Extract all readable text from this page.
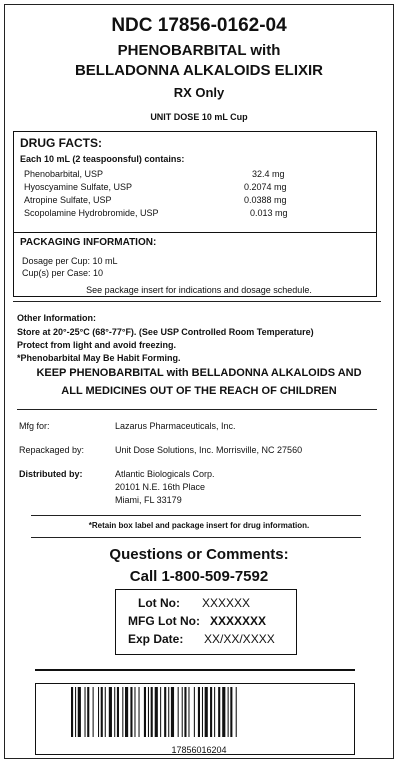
NDC 17856-0162-04
PHENOBARBITAL with
BELLADONNA ALKALOIDS ELIXIR
RX Only
UNIT DOSE 10 mL Cup
DRUG FACTS:
Each 10 mL (2 teaspoonsful) contains:
Phenobarbital, USP	32.4 mg
Hyoscyamine Sulfate, USP	0.2074 mg
Atropine Sulfate, USP	0.0388 mg
Scopolamine Hydrobromide, USP	0.013 mg
PACKAGING INFORMATION:
Dosage per Cup: 10 mL
Cup(s) per Case: 10
See package insert for indications and dosage schedule.
Other Information:
Store at 20°-25°C (68°-77°F). (See USP Controlled Room Temperature)
Protect from light and avoid freezing.
*Phenobarbital May Be Habit Forming.
KEEP PHENOBARBITAL with BELLADONNA ALKALOIDS AND
ALL MEDICINES OUT OF THE REACH OF CHILDREN
Mfg for:	Lazarus Pharmaceuticals, Inc.
Repackaged by:	Unit Dose Solutions, Inc. Morrisville, NC 27560
Distributed by:	Atlantic Biologicals Corp.
20101 N.E. 16th Place
Miami, FL 33179
*Retain box label and package insert for drug information.
Questions or Comments:
Call 1-800-509-7592
Lot No: XXXXXX
MFG Lot No: XXXXXXX
Exp Date: XX/XX/XXXX
17856016204
